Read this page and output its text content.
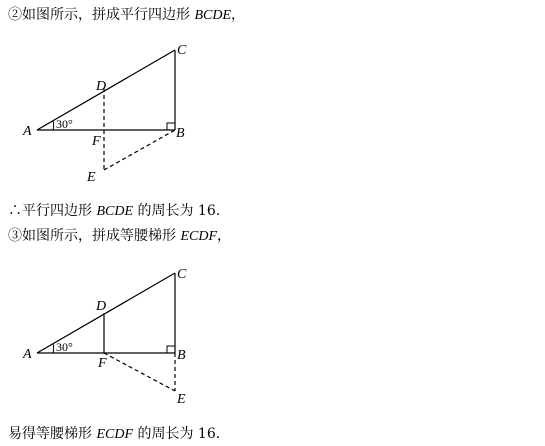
②如图所示，拼成平行四边形 BCDE，
A	B
C
D
E
F
30°
∴平行四边形 BCDE 的周长为 16.
③如图所示，拼成等腰梯形 ECDF，
A	B
C
D
E
F
30°
易得等腰梯形 ECDF 的周长为 16.
